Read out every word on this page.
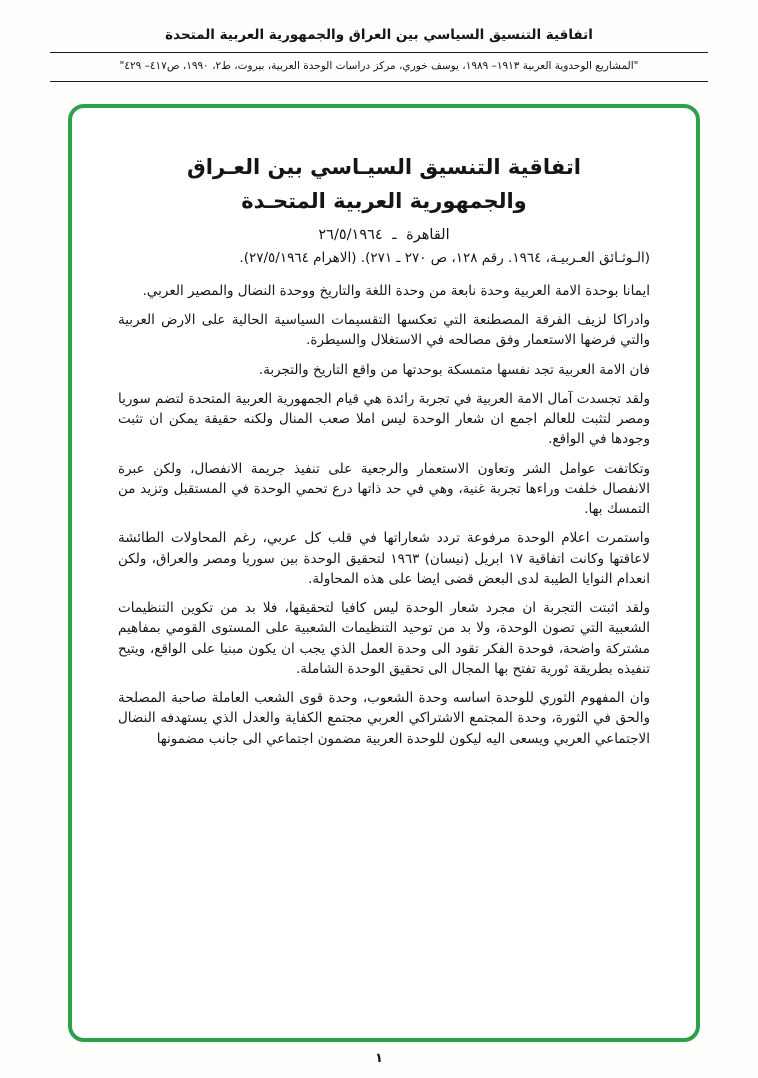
اتفاقية التنسيق السياسي بين العراق والجمهورية العربية المتحدة
"المشاريع الوحدوية العربية ١٩١٣– ١٩٨٩، يوسف خوري، مركز دراسات الوحدة العربية، بيروت، ط٢، ١٩٩٠، ص٤١٧– ٤٢٩"
اتفاقية التنسيق السيـاسي بين العـراق
والجمهورية العربية المتحـدة
القاهرة ـ ٢٦/٥/١٩٦٤
(الـوثـائق العـربيـة، ١٩٦٤. رقم ١٢٨، ص ٢٧٠ ـ ٢٧١). (الاهرام ٢٧/٥/١٩٦٤).

ايمانا بوحدة الامة العربية وحدة نابعة من وحدة اللغة والتاريخ ووحدة النضال والمصير العربي.

وادراكا لزيف الفرقة المصطنعة التي تعكسها التقسيمات السياسية الحالية على الارض العربية والتي فرضها الاستعمار وفق مصالحه في الاستغلال والسيطرة.

فان الامة العربية تجد نفسها متمسكة بوحدتها من واقع التاريخ والتجربة.

ولقد تجسدت آمال الامة العربية في تجربة رائدة هي قيام الجمهورية العربية المتحدة لتضم سوريا ومصر لتثبت للعالم اجمع ان شعار الوحدة ليس املا صعب المنال ولكنه حقيقة يمكن ان تثبت وجودها في الواقع.

وتكاتفت عوامل الشر وتعاون الاستعمار والرجعية على تنفيذ جريمة الانفصال، ولكن عبرة الانفصال خلفت وراءها تجربة غنية، وهي في حد ذاتها درع تحمي الوحدة في المستقبل وتزيد من التمسك بها.

واستمرت اعلام الوحدة مرفوعة تردد شعاراتها في قلب كل عربي، رغم المحاولات الطائشة لاعاقتها وكانت اتفاقية ١٧ ابريل (نيسان) ١٩٦٣ لتحقيق الوحدة بين سوريا ومصر والعراق، ولكن انعدام النوايا الطيبة لدى البعض قضى ايضا على هذه المحاولة.

ولقد اثبتت التجربة ان مجرد شعار الوحدة ليس كافيا لتحقيقها، فلا بد من تكوين التنظيمات الشعبية التي تصون الوحدة، ولا بد من توحيد التنظيمات الشعبية على المستوى القومي بمفاهيم مشتركة واضحة، فوحدة الفكر تقود الى وحدة العمل الذي يجب ان يكون مبنيا على الواقع، ويتيح تنفيذه بطريقة ثورية تفتح بها المجال الى تحقيق الوحدة الشاملة.

وان المفهوم الثوري للوحدة اساسه وحدة الشعوب، وحدة قوى الشعب العاملة صاحبة المصلحة والحق في الثورة، وحدة المجتمع الاشتراكي العربي مجتمع الكفاية والعدل الذي يستهدفه النضال الاجتماعي العربي ويسعى اليه ليكون للوحدة العربية مضمون اجتماعي الى جانب مضمونها

١
